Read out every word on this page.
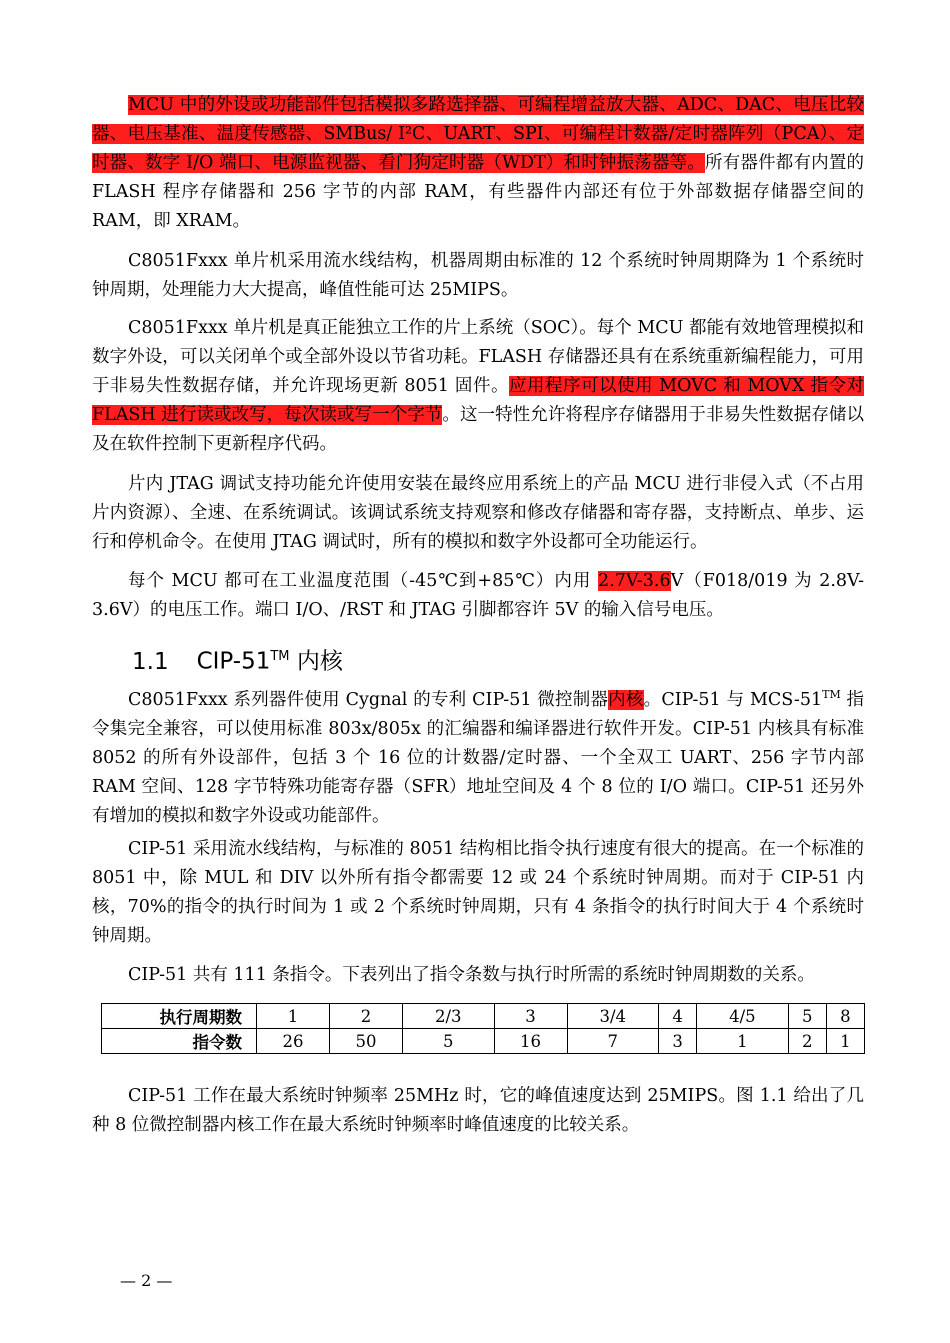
MCU 中的外设或功能部件包括模拟多路选择器、可编程增益放大器、ADC、DAC、电压比较器、电压基准、温度传感器、SMBus/ I²C、UART、SPI、可编程计数器/定时器阵列（PCA）、定时器、数字 I/O 端口、电源监视器、看门狗定时器（WDT）和时钟振荡器等。所有器件都有内置的 FLASH 程序存储器和 256 字节的内部 RAM，有些器件内部还有位于外部数据存储器空间的 RAM，即 XRAM。

C8051Fxxx 单片机采用流水线结构，机器周期由标准的 12 个系统时钟周期降为 1 个系统时钟周期，处理能力大大提高，峰值性能可达 25MIPS。

C8051Fxxx 单片机是真正能独立工作的片上系统（SOC）。每个 MCU 都能有效地管理模拟和数字外设，可以关闭单个或全部外设以节省功耗。FLASH 存储器还具有在系统重新编程能力，可用于非易失性数据存储，并允许现场更新 8051 固件。应用程序可以使用 MOVC 和 MOVX 指令对 FLASH 进行读或改写，每次读或写一个字节。这一特性允许将程序存储器用于非易失性数据存储以及在软件控制下更新程序代码。

片内 JTAG 调试支持功能允许使用安装在最终应用系统上的产品 MCU 进行非侵入式（不占用片内资源）、全速、在系统调试。该调试系统支持观察和修改存储器和寄存器，支持断点、单步、运行和停机命令。在使用 JTAG 调试时，所有的模拟和数字外设都可全功能运行。

每个 MCU 都可在工业温度范围（-45℃到+85℃）内用 2.7V-3.6V（F018/019 为 2.8V-3.6V）的电压工作。端口 I/O、/RST 和 JTAG 引脚都容许 5V 的输入信号电压。

1.1 CIP-51™ 内核

C8051Fxxx 系列器件使用 Cygnal 的专利 CIP-51 微控制器内核。CIP-51 与 MCS-51™ 指令集完全兼容，可以使用标准 803x/805x 的汇编器和编译器进行软件开发。CIP-51 内核具有标准 8052 的所有外设部件，包括 3 个 16 位的计数器/定时器、一个全双工 UART、256 字节内部 RAM 空间、128 字节特殊功能寄存器（SFR）地址空间及 4 个 8 位的 I/O 端口。CIP-51 还另外有增加的模拟和数字外设或功能部件。

CIP-51 采用流水线结构，与标准的 8051 结构相比指令执行速度有很大的提高。在一个标准的 8051 中，除 MUL 和 DIV 以外所有指令都需要 12 或 24 个系统时钟周期。而对于 CIP-51 内核，70%的指令的执行时间为 1 或 2 个系统时钟周期，只有 4 条指令的执行时间大于 4 个系统时钟周期。

CIP-51 共有 111 条指令。下表列出了指令条数与执行时所需的系统时钟周期数的关系。

执行周期数	1	2	2/3	3	3/4	4	4/5	5	8
指令数	26	50	5	16	7	3	1	2	1

CIP-51 工作在最大系统时钟频率 25MHz 时，它的峰值速度达到 25MIPS。图 1.1 给出了几种 8 位微控制器内核工作在最大系统时钟频率时峰值速度的比较关系。

— 2 —
